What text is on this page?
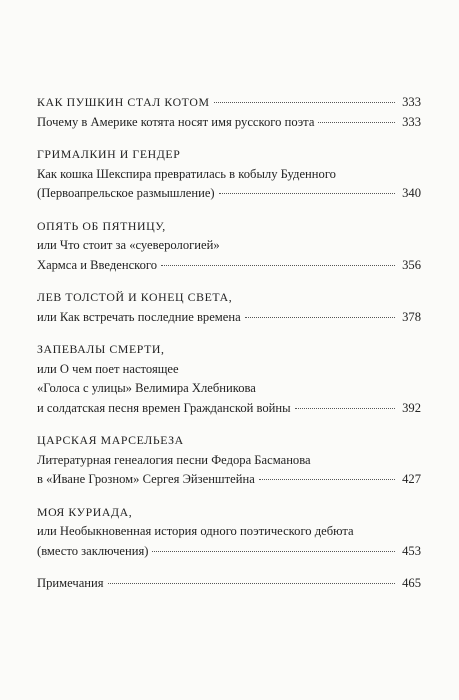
КАК ПУШКИН СТАЛ КОТОМ	333
Почему в Америке котята носят имя русского поэта	333
ГРИМАЛКИН И ГЕНДЕР
Как кошка Шекспира превратилась в кобылу Буденного
(Первоапрельское размышление)	340
ОПЯТЬ ОБ ПЯТНИЦУ,
или Что стоит за «суеверологией»
Хармса и Введенского	356
ЛЕВ ТОЛСТОЙ И КОНЕЦ СВЕТА,
или Как встречать последние времена	378
ЗАПЕВАЛЫ СМЕРТИ,
или О чем поет настоящее
«Голоса с улицы» Велимира Хлебникова
и солдатская песня времен Гражданской войны	392
ЦАРСКАЯ МАРСЕЛЬЕЗА
Литературная генеалогия песни Федора Басманова
в «Иване Грозном» Сергея Эйзенштейна	427
МОЯ КУРИАДА,
или Необыкновенная история одного поэтического дебюта
(вместо заключения)	453
Примечания	465
